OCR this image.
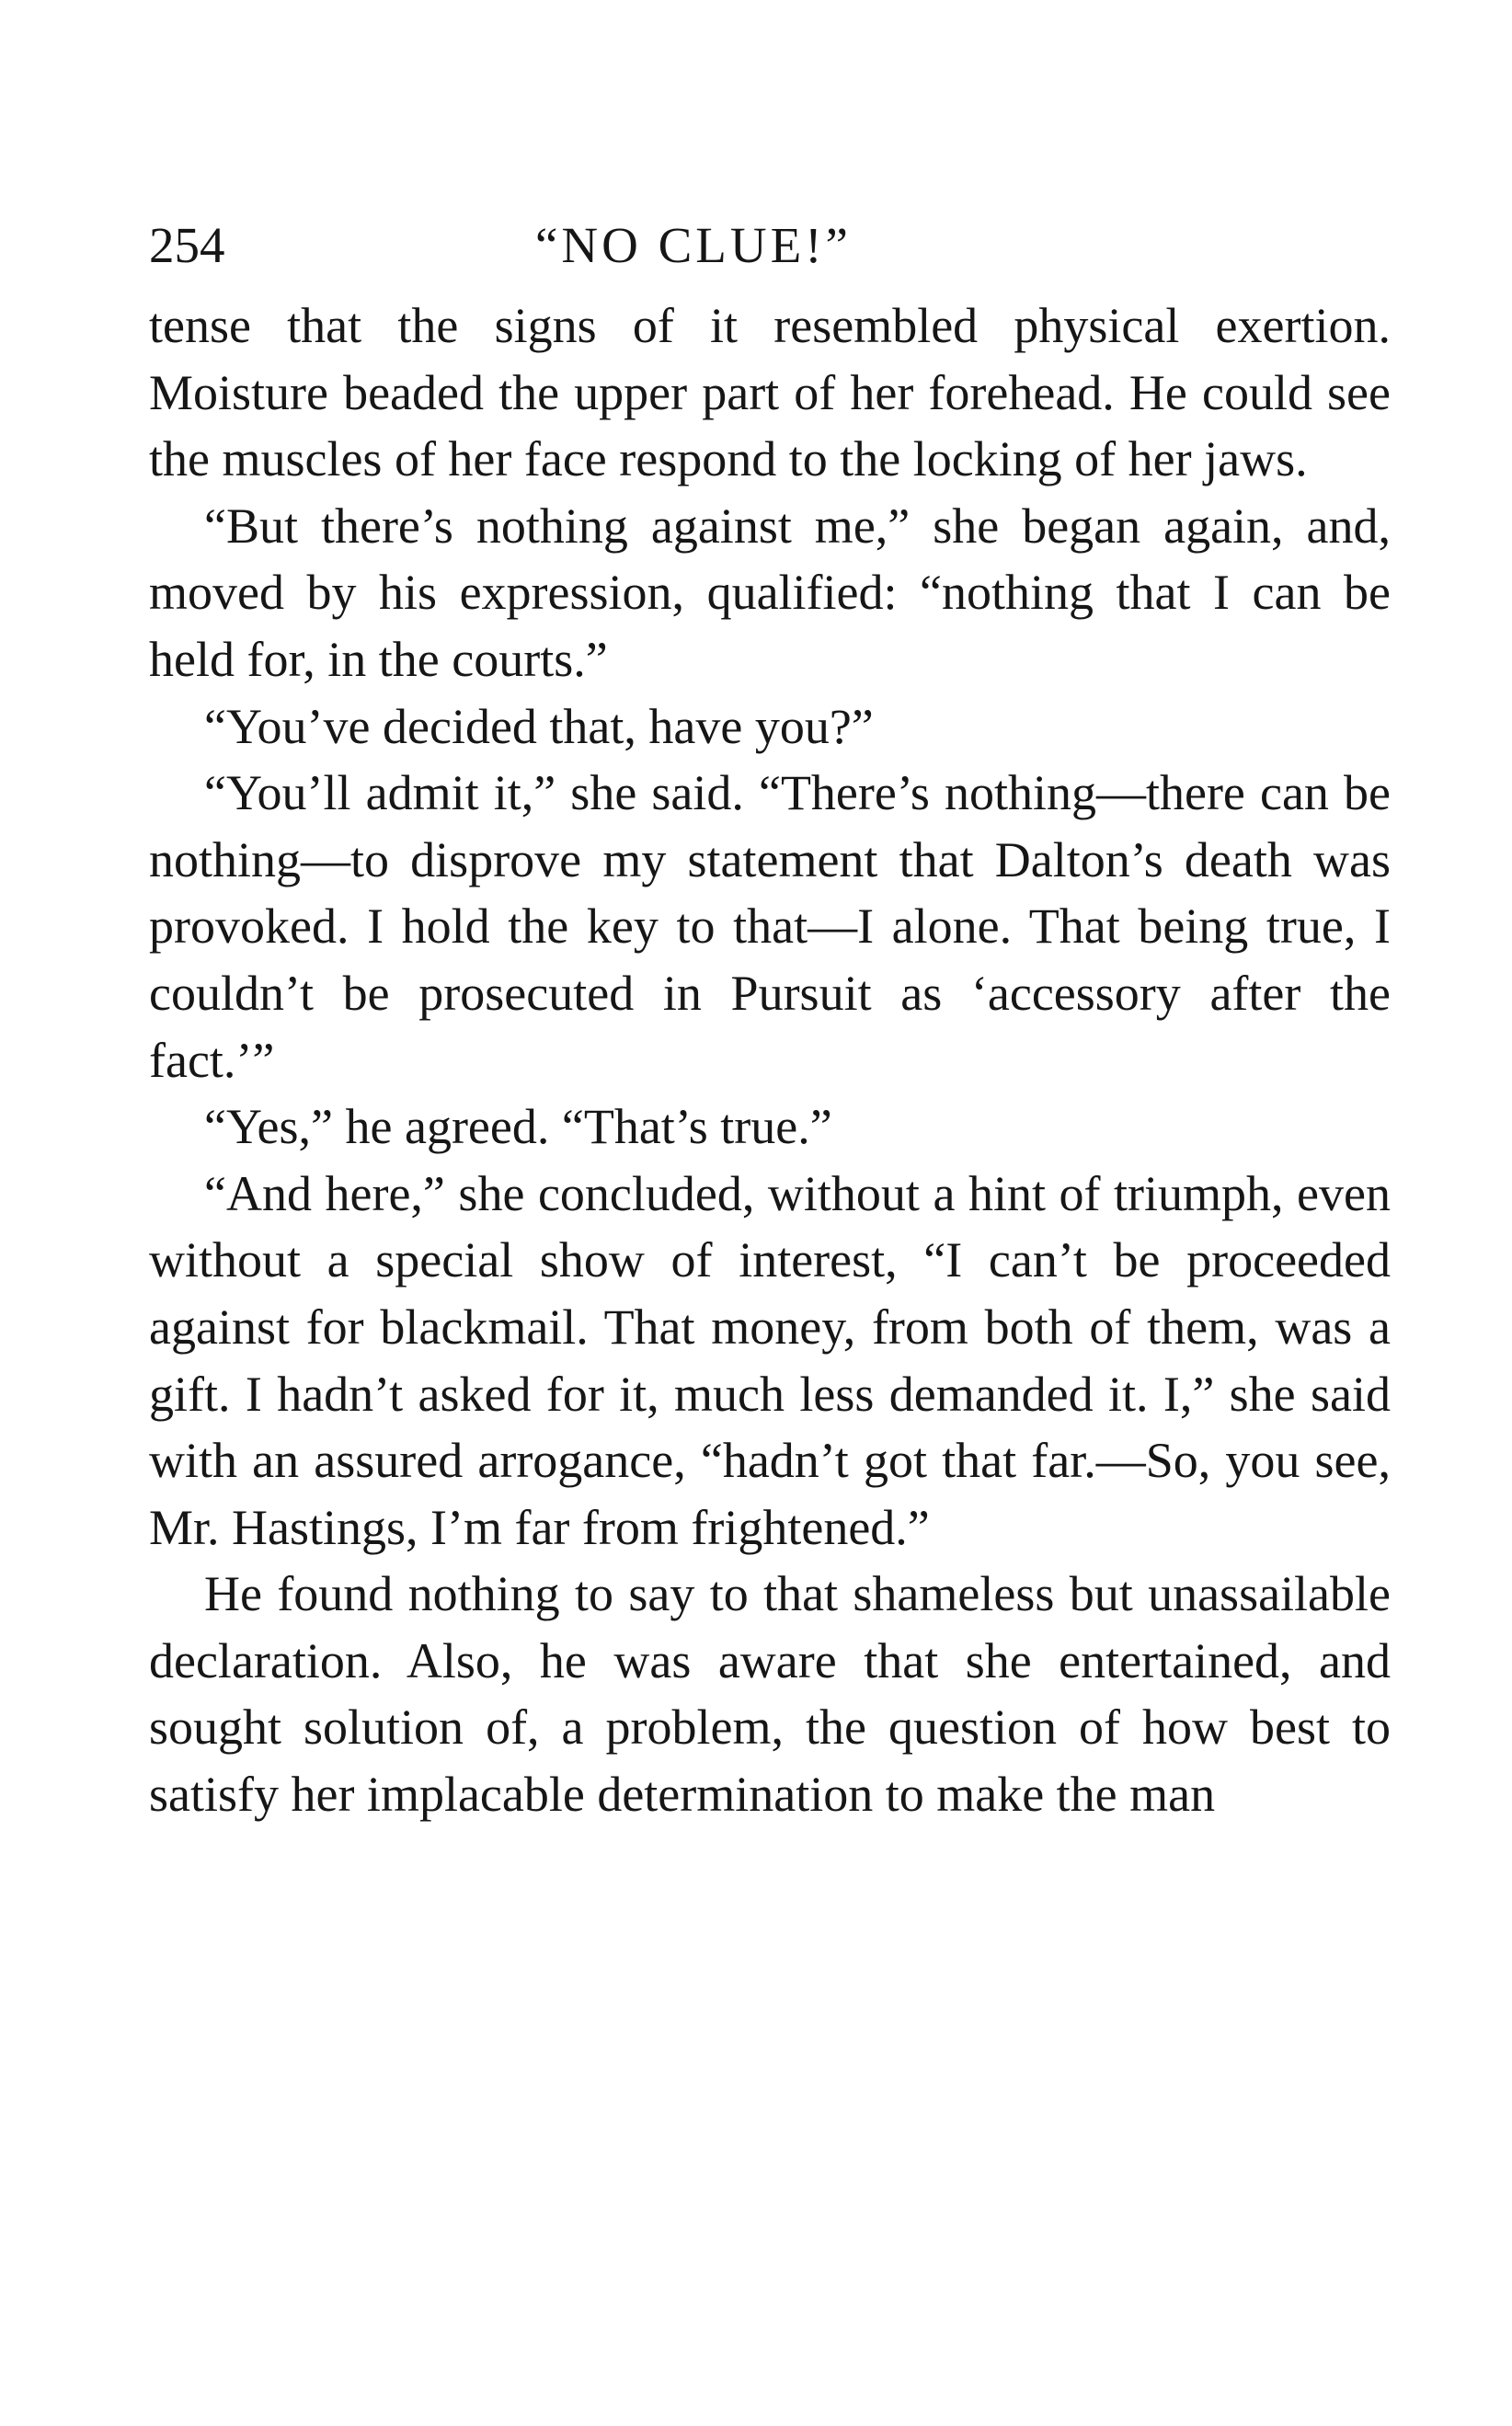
254	“NO CLUE!”

tense that the signs of it resembled physical exertion. Moisture beaded the upper part of her forehead. He could see the muscles of her face respond to the locking of her jaws.

“But there’s nothing against me,” she began again, and, moved by his expression, qualified: “nothing that I can be held for, in the courts.”

“You’ve decided that, have you?”

“You’ll admit it,” she said. “There’s nothing—there can be nothing—to disprove my statement that Dalton’s death was provoked. I hold the key to that—I alone. That being true, I couldn’t be prosecuted in Pursuit as ‘accessory after the fact.’”

“Yes,” he agreed. “That’s true.”

“And here,” she concluded, without a hint of triumph, even without a special show of interest, “I can’t be proceeded against for blackmail. That money, from both of them, was a gift. I hadn’t asked for it, much less demanded it. I,” she said with an assured arrogance, “hadn’t got that far.—So, you see, Mr. Hastings, I’m far from frightened.”

He found nothing to say to that shameless but unassailable declaration. Also, he was aware that she entertained, and sought solution of, a problem, the question of how best to satisfy her implacable determination to make the man
